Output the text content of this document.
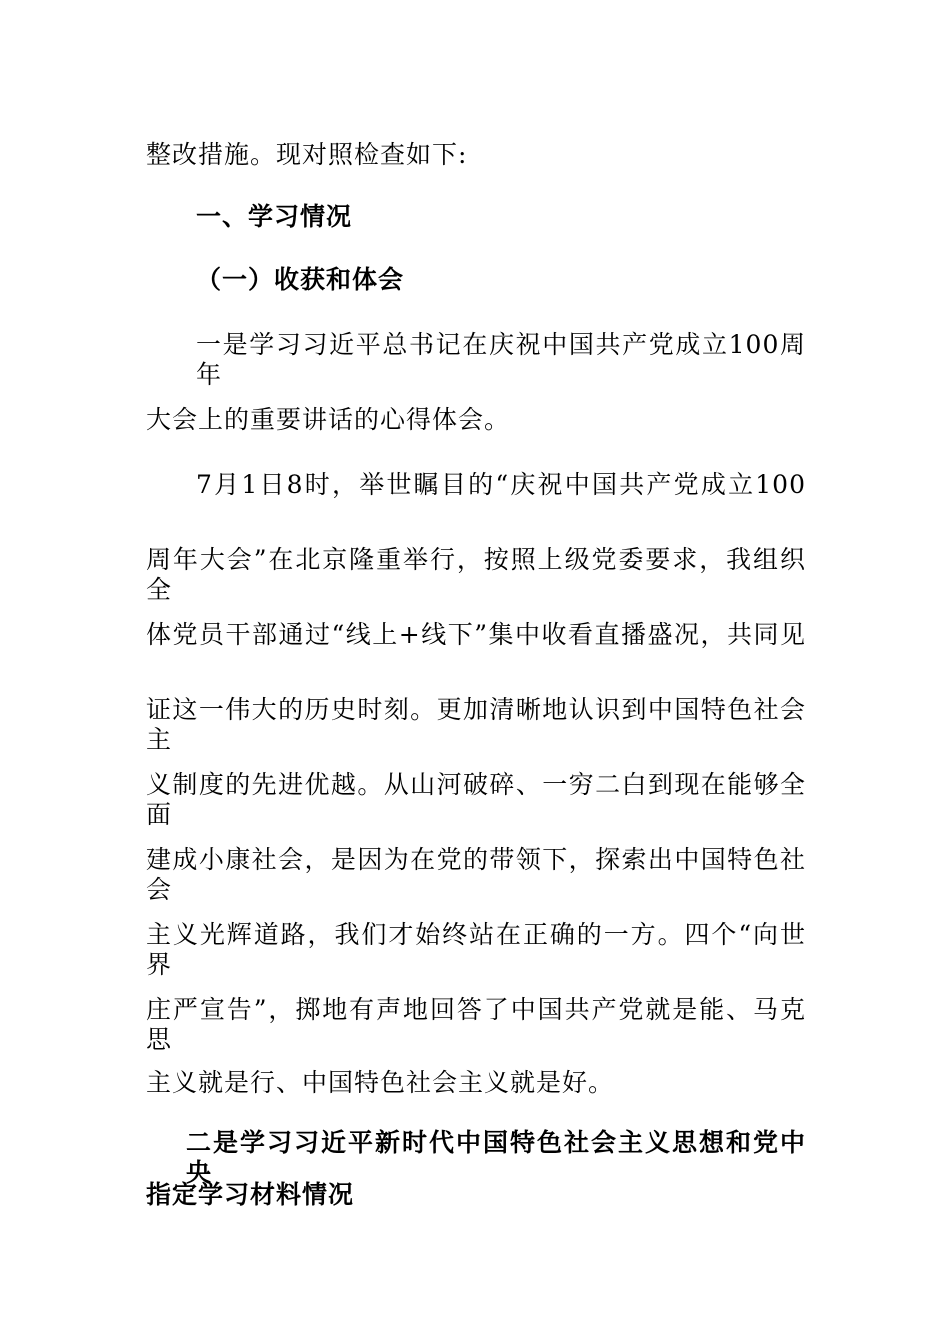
整改措施。现对照检查如下:
一、学习情况
（一）收获和体会
一是学习习近平总书记在庆祝中国共产党成立100周年
大会上的重要讲话的心得体会。
7月1日8时，举世瞩目的“庆祝中国共产党成立100
周年大会”在北京隆重举行，按照上级党委要求，我组织全
体党员干部通过“线上+线下”集中收看直播盛况，共同见
证这一伟大的历史时刻。更加清晰地认识到中国特色社会主
义制度的先进优越。从山河破碎、一穷二白到现在能够全面
建成小康社会，是因为在党的带领下，探索出中国特色社会
主义光辉道路，我们才始终站在正确的一方。四个“向世界
庄严宣告”，掷地有声地回答了中国共产党就是能、马克思
主义就是行、中国特色社会主义就是好。
二是学习习近平新时代中国特色社会主义思想和党中央
指定学习材料情况
